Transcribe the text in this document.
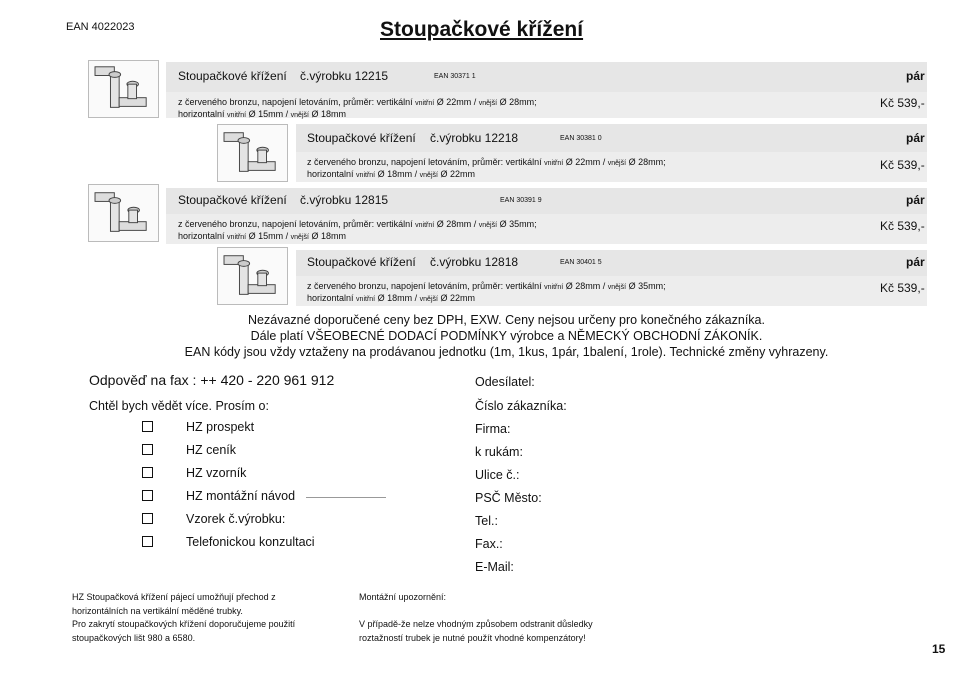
EAN 4022023	Stoupačkové křížení
Stoupačkové křížení č.výrobku 12215	EAN 30371 1	pár
z červeného bronzu, napojení letováním, průměr: vertikální vnitřní Ø 22mm / vnější Ø 28mm;
horizontalní vnitřní Ø 15mm / vnější Ø 18mm
Kč 539,-
Stoupačkové křížení č.výrobku 12218	EAN 30381 0	pár
z červeného bronzu, napojení letováním, průměr: vertikální vnitřní Ø 22mm / vnější Ø 28mm;
horizontalní vnitřní Ø 18mm / vnější Ø 22mm
Kč 539,-
Stoupačkové křížení č.výrobku 12815	EAN 30391 9	pár
z červeného bronzu, napojení letováním, průměr: vertikální vnitřní Ø 28mm / vnější Ø 35mm;
horizontalní vnitřní Ø 15mm / vnější Ø 18mm
Kč 539,-
Stoupačkové křížení č.výrobku 12818	EAN 30401 5	pár
z červeného bronzu, napojení letováním, průměr: vertikální vnitřní Ø 28mm / vnější Ø 35mm;
horizontalní vnitřní Ø 18mm / vnější Ø 22mm
Kč 539,-
Nezávazné doporučené ceny bez DPH, EXW. Ceny nejsou určeny pro konečného zákazníka.
Dále platí VŠEOBECNÉ DODACÍ PODMÍNKY výrobce a NĚMECKÝ OBCHODNÍ ZÁKONÍK.
EAN kódy jsou vždy vztaženy na prodávanou jednotku (1m, 1kus, 1pár, 1balení, 1role). Technické změny vyhrazeny.
Odpověď na fax : ++ 420 - 220 961 912
Chtěl bych vědět více. Prosím o:
HZ prospekt
HZ ceník
HZ vzorník
HZ montážní návod
Vzorek č.výrobku:
Telefonickou konzultaci
Odesílatel:
Číslo zákazníka:
Firma:
k rukám:
Ulice č.:
PSČ Město:
Tel.:
Fax.:
E-Mail:
HZ Stoupačková křížení pájecí umožňují přechod z
horizontálních na vertikální měděné trubky.
Pro zakrytí stoupačkových křížení doporučujeme použití
stoupačkových lišt 980 a 6580.
Montážní upozornění:
V případě-že nelze vhodným způsobem odstranit důsledky
roztažností trubek je nutné použít vhodné kompenzátory!
15
